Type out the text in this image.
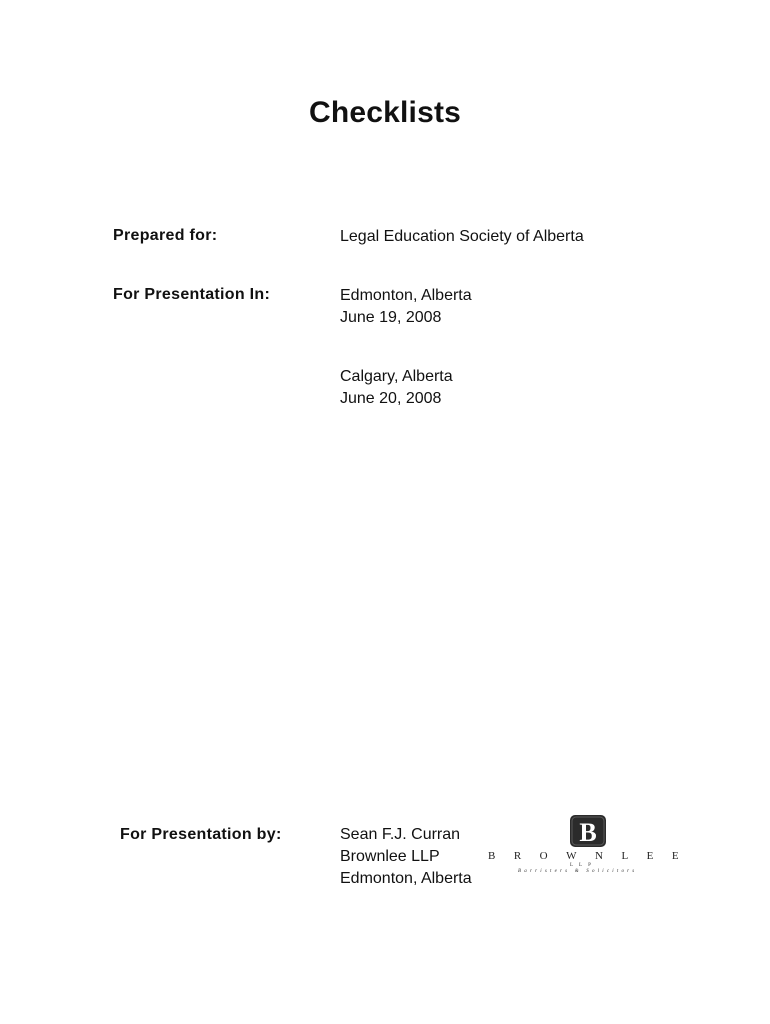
Checklists
Prepared for:	Legal Education Society of Alberta
For Presentation In:	Edmonton, Alberta
June 19, 2008
Calgary, Alberta
June 20, 2008
For Presentation by:	Sean F.J. Curran
Brownlee LLP
Edmonton, Alberta
B
BROWNLEE
LLP
Barristers & Solicitors
